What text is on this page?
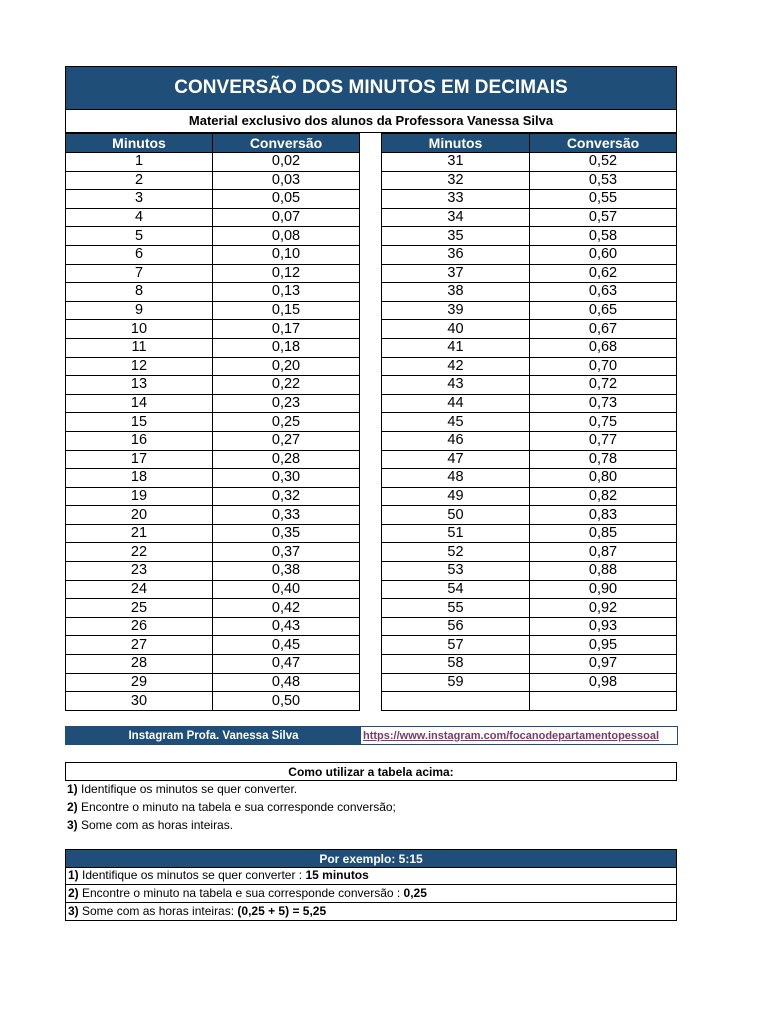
CONVERSÃO DOS MINUTOS EM DECIMAIS
Material exclusivo dos alunos da Professora Vanessa Silva
Minutos	Conversão
1	0,02
2	0,03
3	0,05
4	0,07
5	0,08
6	0,10
7	0,12
8	0,13
9	0,15
10	0,17
11	0,18
12	0,20
13	0,22
14	0,23
15	0,25
16	0,27
17	0,28
18	0,30
19	0,32
20	0,33
21	0,35
22	0,37
23	0,38
24	0,40
25	0,42
26	0,43
27	0,45
28	0,47
29	0,48
30	0,50
Minutos	Conversão
31	0,52
32	0,53
33	0,55
34	0,57
35	0,58
36	0,60
37	0,62
38	0,63
39	0,65
40	0,67
41	0,68
42	0,70
43	0,72
44	0,73
45	0,75
46	0,77
47	0,78
48	0,80
49	0,82
50	0,83
51	0,85
52	0,87
53	0,88
54	0,90
55	0,92
56	0,93
57	0,95
58	0,97
59	0,98

Instagram Profa. Vanessa Silva	https://www.instagram.com/focanodepartamentopessoal
Como utilizar a tabela acima:
1) Identifique os minutos se quer converter.
2) Encontre o minuto na tabela e sua corresponde conversão;
3) Some com as horas inteiras.
Por exemplo: 5:15
1) Identifique os minutos se quer converter : 15 minutos
2) Encontre o minuto na tabela e sua corresponde conversão : 0,25
3) Some com as horas inteiras: (0,25 + 5) = 5,25
